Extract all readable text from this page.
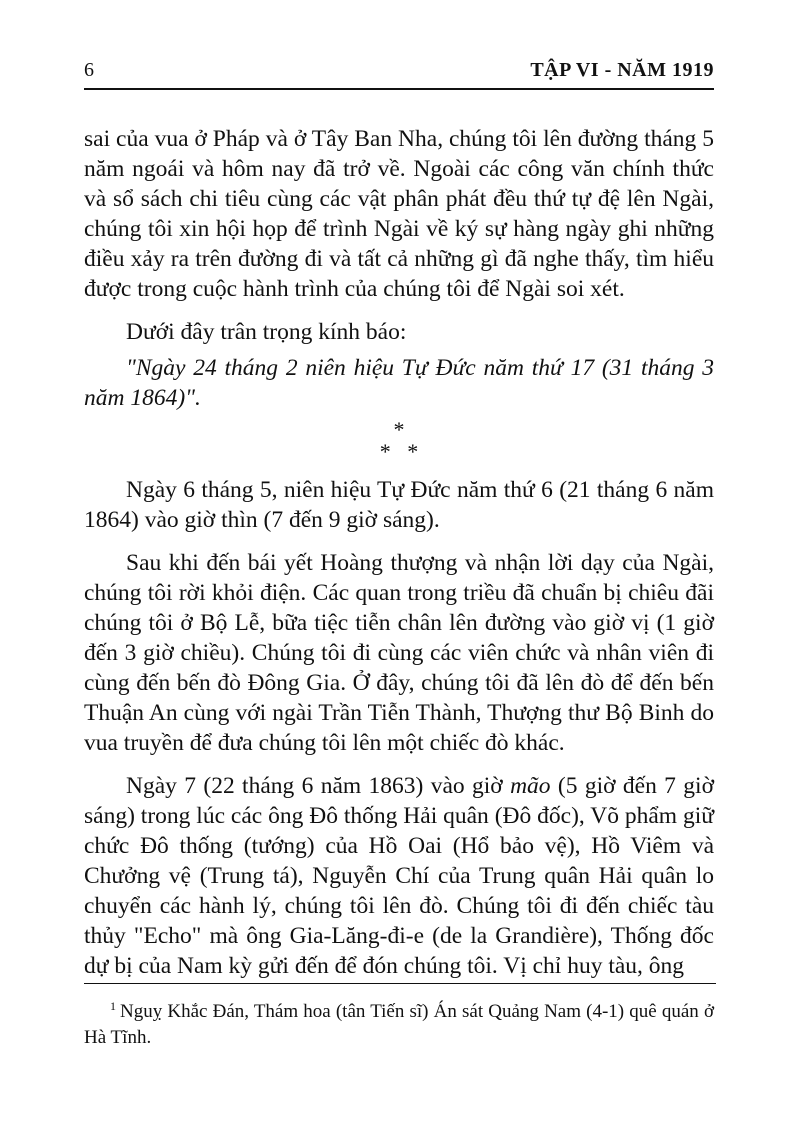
6	TẬP VI - NĂM 1919

sai của vua ở Pháp và ở Tây Ban Nha, chúng tôi lên đường tháng 5 năm ngoái và hôm nay đã trở về. Ngoài các công văn chính thức và sổ sách chi tiêu cùng các vật phân phát đều thứ tự đệ lên Ngài, chúng tôi xin hội họp để trình Ngài về ký sự hàng ngày ghi những điều xảy ra trên đường đi và tất cả những gì đã nghe thấy, tìm hiểu được trong cuộc hành trình của chúng tôi để Ngài soi xét.

Dưới đây trân trọng kính báo:

"Ngày 24 tháng 2 niên hiệu Tự Đức năm thứ 17 (31 tháng 3 năm 1864)".

*
*   *

Ngày 6 tháng 5, niên hiệu Tự Đức năm thứ 6 (21 tháng 6 năm 1864) vào giờ thìn (7 đến 9 giờ sáng).

Sau khi đến bái yết Hoàng thượng và nhận lời dạy của Ngài, chúng tôi rời khỏi điện. Các quan trong triều đã chuẩn bị chiêu đãi chúng tôi ở Bộ Lễ, bữa tiệc tiễn chân lên đường vào giờ vị (1 giờ đến 3 giờ chiều). Chúng tôi đi cùng các viên chức và nhân viên đi cùng đến bến đò Đông Gia. Ở đây, chúng tôi đã lên đò để đến bến Thuận An cùng với ngài Trần Tiễn Thành, Thượng thư Bộ Binh do vua truyền để đưa chúng tôi lên một chiếc đò khác.

Ngày 7 (22 tháng 6 năm 1863) vào giờ mão (5 giờ đến 7 giờ sáng) trong lúc các ông Đô thống Hải quân (Đô đốc), Võ phẩm giữ chức Đô thống (tướng) của Hồ Oai (Hổ bảo vệ), Hồ Viêm và Chưởng vệ (Trung tá), Nguyễn Chí của Trung quân Hải quân lo chuyển các hành lý, chúng tôi lên đò. Chúng tôi đi đến chiếc tàu thủy "Echo" mà ông Gia-Lăng-đi-e (de la Grandière), Thống đốc dự bị của Nam kỳ gửi đến để đón chúng tôi. Vị chỉ huy tàu, ông

$^1$ Nguỵ Khắc Đán, Thám hoa (tân Tiến sĩ) Án sát Quảng Nam (4-1) quê quán ở Hà Tĩnh.
